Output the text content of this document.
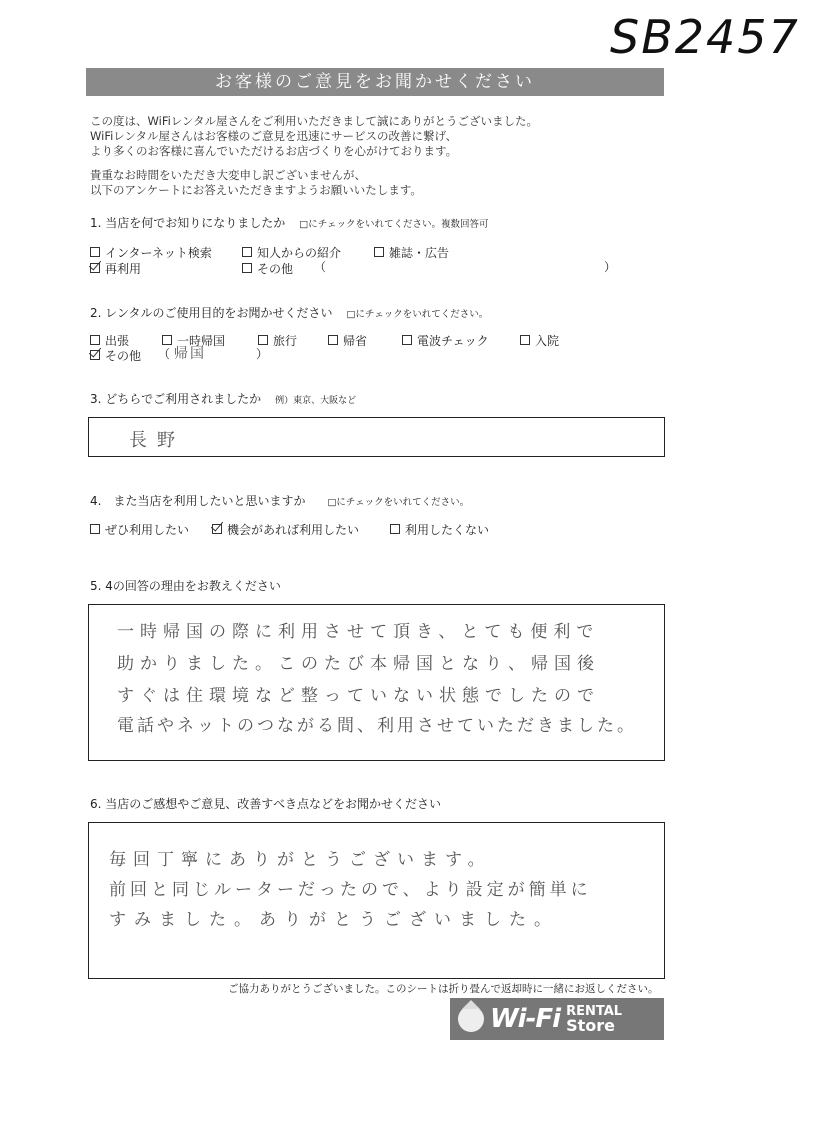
SB2457
お客様のご意見をお聞かせください
この度は、WiFiレンタル屋さんをご利用いただきまして誠にありがとうございました。
WiFiレンタル屋さんはお客様のご意見を迅速にサービスの改善に繋げ、
より多くのお客様に喜んでいただけるお店づくりを心がけております。
貴重なお時間をいただき大変申し訳ございませんが、
以下のアンケートにお答えいただきますようお願いいたします。
1. 当店を何でお知りになりましたか □にチェックをいれてください。複数回答可
インターネット検索	知人からの紹介	雑誌・広告
再利用	その他 （	）
2. レンタルのご使用目的をお聞かせください □にチェックをいれてください。
出張	一時帰国	旅行	帰省	電波チェック	入院
その他 （ 帰国	）
3. どちらでご利用されましたか 例）東京、大阪など
長野
4.　また当店を利用したいと思いますか □にチェックをいれてください。
ぜひ利用したい	機会があれば利用したい	利用したくない
5. 4の回答の理由をお教えください
一時帰国の際に利用させて頂き、とても便利で
助かりました。このたび本帰国となり、帰国後
すぐは住環境など整っていない状態でしたので
電話やネットのつながる間、利用させていただきました。
6. 当店のご感想やご意見、改善すべき点などをお聞かせください
毎回丁寧にありがとうございます。
前回と同じルーターだったので、より設定が簡単に
すみました。ありがとうございました。
ご協力ありがとうございました。このシートは折り畳んで返却時に一緒にお返しください。
Wi-Fi RENTAL
Store
